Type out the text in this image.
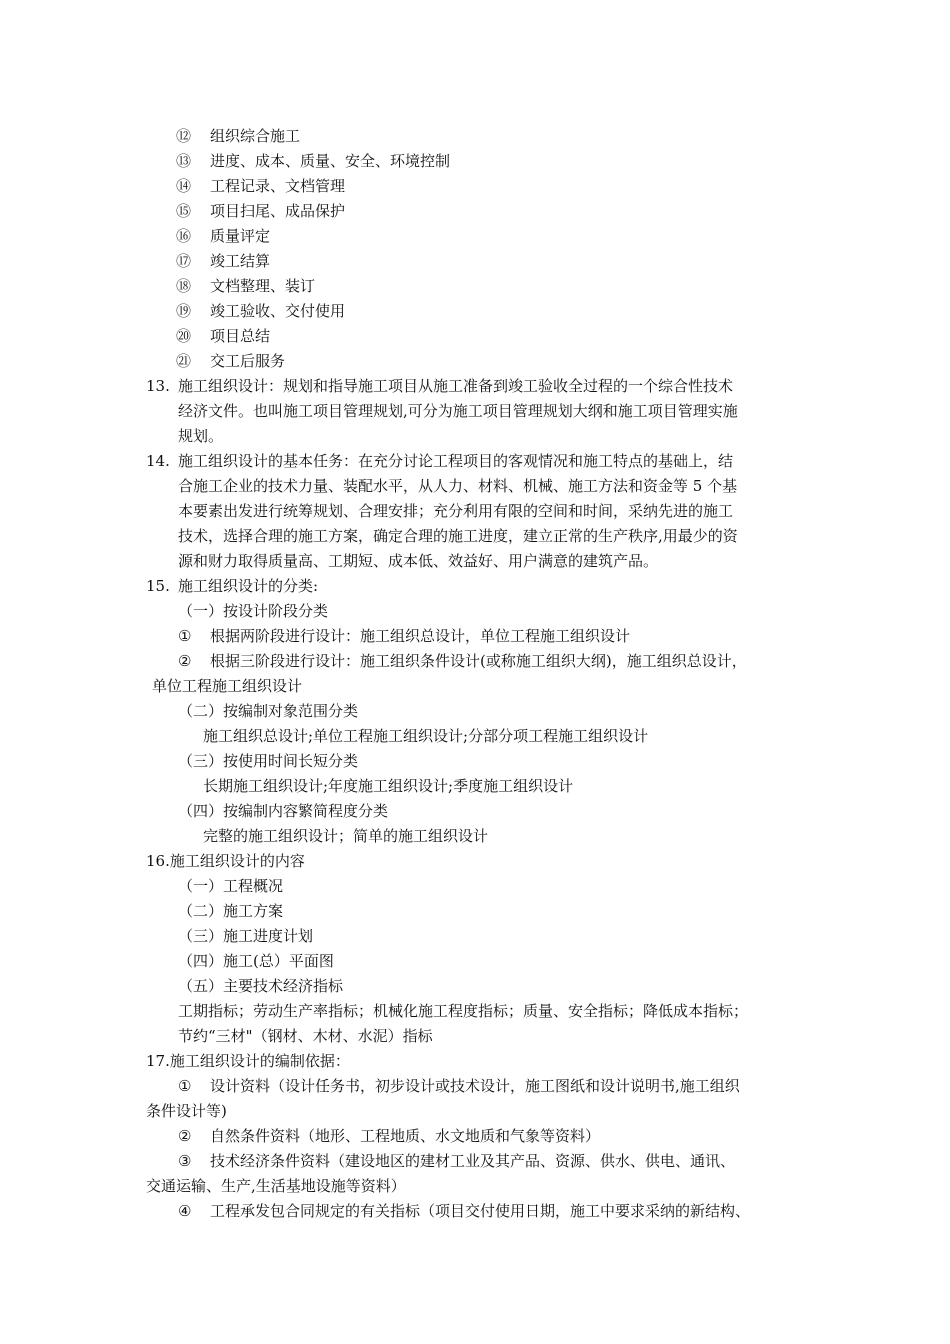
⑫ 组织综合施工
⑬ 进度、成本、质量、安全、环境控制
⑭ 工程记录、文档管理
⑮ 项目扫尾、成品保护
⑯ 质量评定
⑰ 竣工结算
⑱ 文档整理、装订
⑲ 竣工验收、交付使用
⑳ 项目总结
㉑ 交工后服务
13. 施工组织设计：规划和指导施工项目从施工准备到竣工验收全过程的一个综合性技术
经济文件。也叫施工项目管理规划,可分为施工项目管理规划大纲和施工项目管理实施
规划。
14. 施工组织设计的基本任务：在充分讨论工程项目的客观情况和施工特点的基础上，结
合施工企业的技术力量、装配水平，从人力、材料、机械、施工方法和资金等 5 个基
本要素出发进行统筹规划、合理安排；充分利用有限的空间和时间，采纳先进的施工
技术，选择合理的施工方案，确定合理的施工进度，建立正常的生产秩序,用最少的资
源和财力取得质量高、工期短、成本低、效益好、用户满意的建筑产品。
15. 施工组织设计的分类:
（一）按设计阶段分类
① 根据两阶段进行设计：施工组织总设计，单位工程施工组织设计
② 根据三阶段进行设计：施工组织条件设计(或称施工组织大纲)，施工组织总设计，
单位工程施工组织设计
（二）按编制对象范围分类
施工组织总设计;单位工程施工组织设计;分部分项工程施工组织设计
（三）按使用时间长短分类
长期施工组织设计;年度施工组织设计;季度施工组织设计
（四）按编制内容繁简程度分类
完整的施工组织设计；简单的施工组织设计
16.施工组织设计的内容
（一）工程概况
（二）施工方案
（三）施工进度计划
（四）施工(总）平面图
（五）主要技术经济指标
工期指标；劳动生产率指标；机械化施工程度指标；质量、安全指标；降低成本指标；
节约“三材"（钢材、木材、水泥）指标
17.施工组织设计的编制依据：
① 设计资料（设计任务书，初步设计或技术设计，施工图纸和设计说明书,施工组织
条件设计等)
② 自然条件资料（地形、工程地质、水文地质和气象等资料）
③ 技术经济条件资料（建设地区的建材工业及其产品、资源、供水、供电、通讯、
交通运输、生产,生活基地设施等资料）
④ 工程承发包合同规定的有关指标（项目交付使用日期，施工中要求采纳的新结构、
